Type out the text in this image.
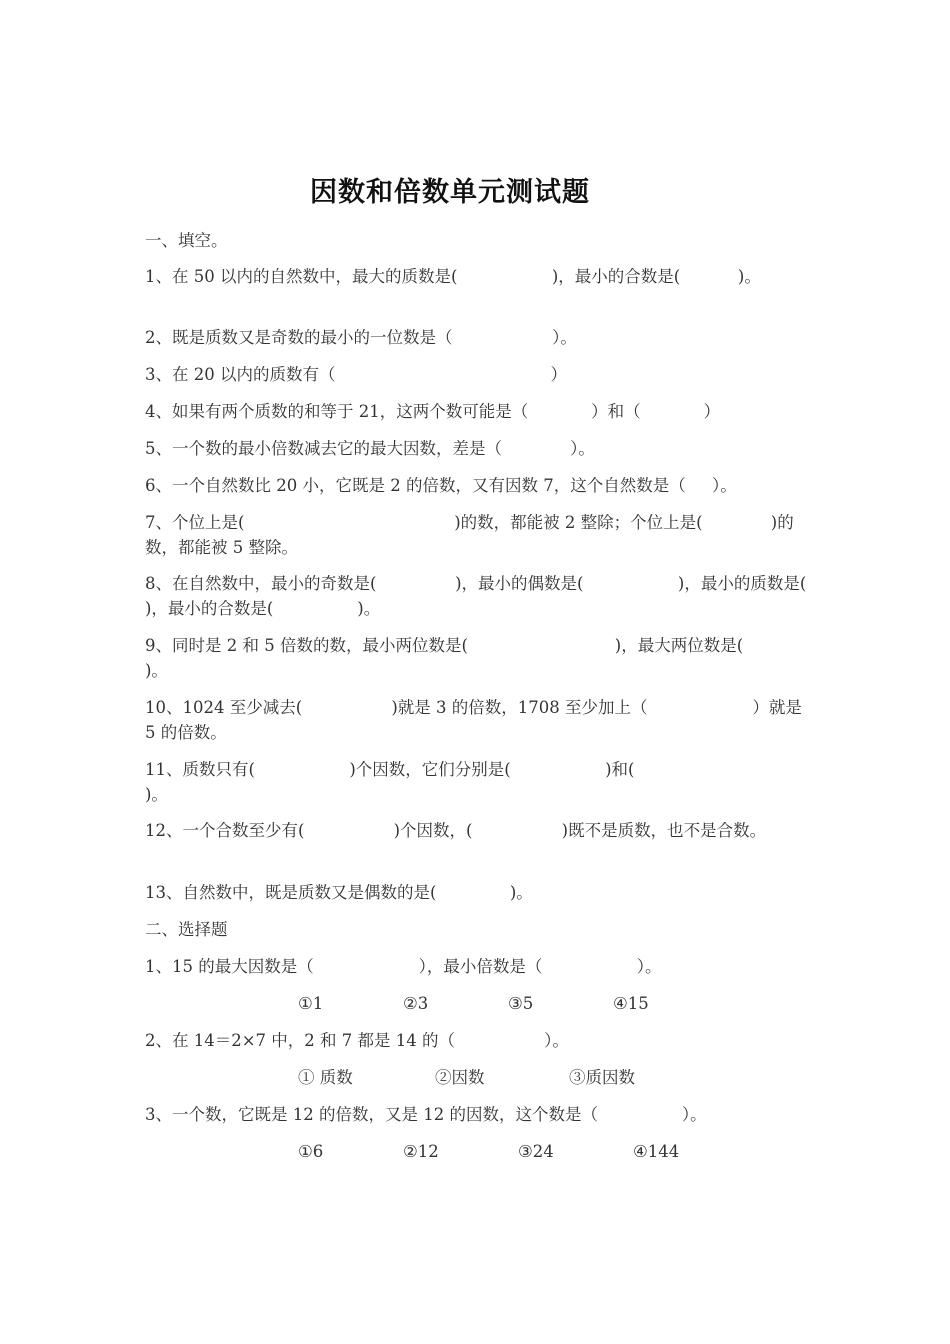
因数和倍数单元测试题
一、填空。
1、在 50 以内的自然数中，最大的质数是(                  )，最小的合数是(           )。
2、既是质数又是奇数的最小的一位数是（                   ）。
3、在 20 以内的质数有（                                         ）
4、如果有两个质数的和等于 21，这两个数可能是（            ）和（            ）
5、一个数的最小倍数减去它的最大因数，差是（             ）。
6、一个自然数比 20 小，它既是 2 的倍数，又有因数 7，这个自然数是（     ）。
7、个位上是(                                        )的数，都能被 2 整除；个位上是(             )的数，都能被 5 整除。
8、在自然数中，最小的奇数是(               )，最小的偶数是(                  )，最小的质数是(                 )，最小的合数是(                )。
9、同时是 2 和 5 倍数的数，最小两位数是(                            )，最大两位数是(            )。
10、1024 至少减去(                 )就是 3 的倍数，1708 至少加上（                    ）就是 5 的倍数。
11、质数只有(                  )个因数，它们分别是(                  )和(                                  )。
12、一个合数至少有(                 )个因数，(                 )既不是质数，也不是合数。
13、自然数中，既是质数又是偶数的是(              )。
二、选择题
1、15 的最大因数是（                    ），最小倍数是（                  ）。
①1	②3	③5	④15
2、在 14＝2×7 中，2 和 7 都是 14 的（                 ）。
① 质数	②因数	③质因数
3、一个数，它既是 12 的倍数，又是 12 的因数，这个数是（                ）。
①6	②12	③24	④144
